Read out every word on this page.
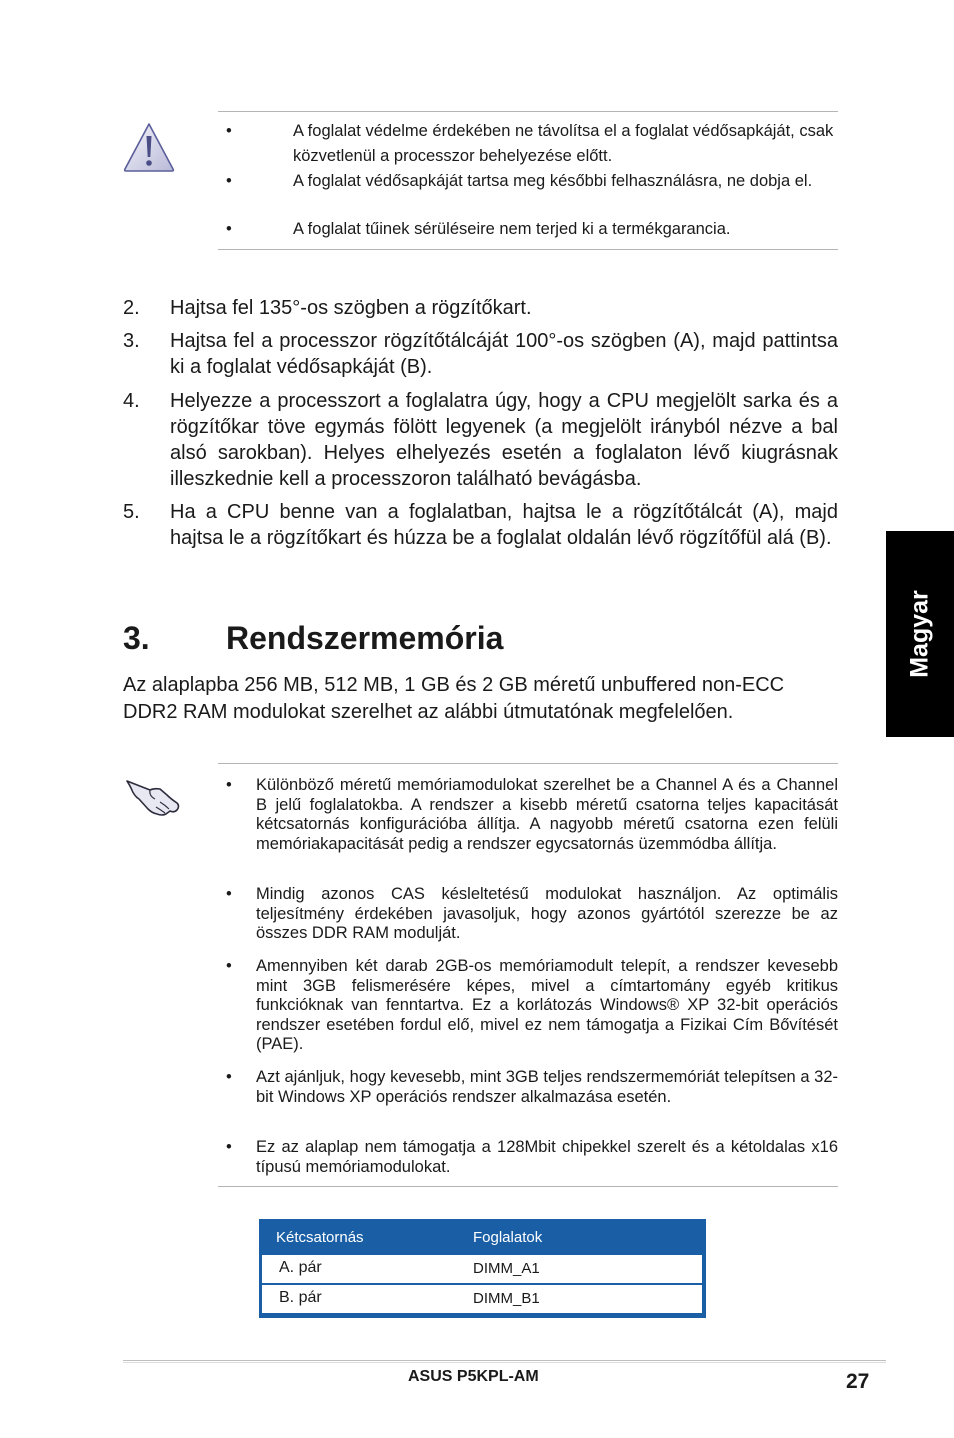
•	A foglalat védelme érdekében ne távolítsa el a foglalat védősapkáját, csak közvetlenül a processzor behelyezése előtt.
•	A foglalat védősapkáját tartsa meg későbbi felhasználásra, ne dobja el.
•	A foglalat tűinek sérüléseire nem terjed ki a termékgarancia.
2.	Hajtsa fel 135°-os szögben a rögzítőkart.
3.	Hajtsa fel a processzor rögzítőtálcáját 100°-os szögben (A), majd pattintsa ki a foglalat védősapkáját (B).
4.	Helyezze a processzort a foglalatra úgy, hogy a CPU megjelölt sarka és a rögzítőkar töve egymás fölött legyenek (a megjelölt irányból nézve a bal alsó sarokban). Helyes elhelyezés esetén a foglalaton lévő kiugrásnak illeszkednie kell a processzoron található bevágásba.
5.	Ha a CPU benne van a foglalatban, hajtsa le a rögzítőtálcát (A), majd hajtsa le a rögzítőkart és húzza be a foglalat oldalán lévő rögzítőfül alá (B).
3.	Rendszermemória
Az alaplapba 256 MB, 512 MB, 1 GB és 2 GB méretű unbuffered non-ECC DDR2 RAM modulokat szerelhet az alábbi útmutatónak megfelelően.
Magyar
•	Különböző méretű memóriamodulokat szerelhet be a Channel A és a Channel B jelű foglalatokba. A rendszer a kisebb méretű csatorna teljes kapacitását kétcsatornás konfigurációba állítja. A nagyobb méretű csatorna ezen felüli memóriakapacitását pedig a rendszer egycsatornás üzemmódba állítja.
•	Mindig azonos CAS késleltetésű modulokat használjon. Az optimális teljesítmény érdekében javasoljuk, hogy azonos gyártótól szerezze be az összes DDR RAM modulját.
•	Amennyiben két darab 2GB-os memóriamodult telepít, a rendszer kevesebb mint 3GB felismerésére képes, mivel a címtartomány egyéb kritikus funkcióknak van fenntartva. Ez a korlátozás Windows® XP 32-bit operációs rendszer esetében fordul elő, mivel ez nem támogatja a Fizikai Cím Bővítését (PAE).
•	Azt ajánljuk, hogy kevesebb, mint 3GB teljes rendszermemóriát telepítsen a 32-bit Windows XP operációs rendszer alkalmazása esetén.
•	Ez az alaplap nem támogatja a 128Mbit chipekkel szerelt és a kétoldalas x16 típusú memóriamodulokat.
Kétcsatornás	Foglalatok
A. pár	DIMM_A1
B. pár	DIMM_B1
ASUS P5KPL-AM	27
